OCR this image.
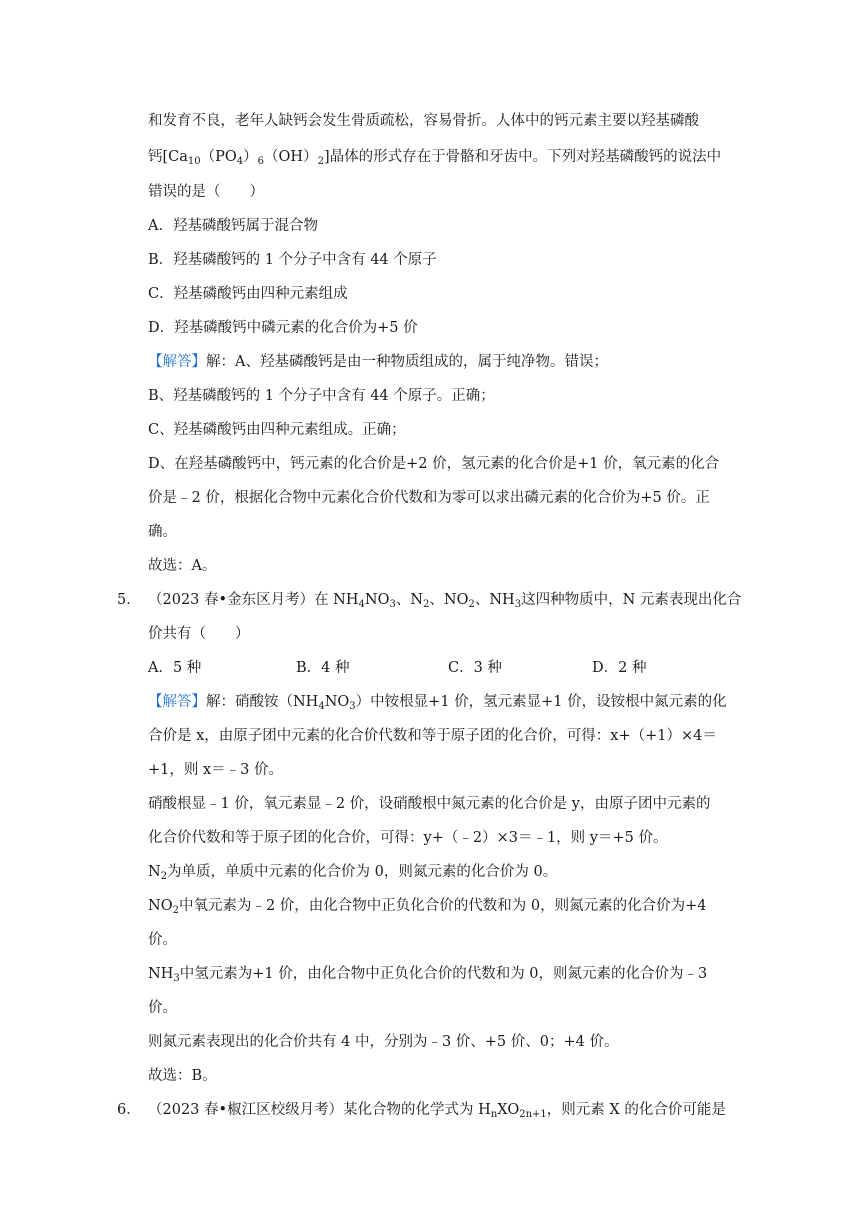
和发育不良，老年人缺钙会发生骨质疏松，容易骨折。人体中的钙元素主要以羟基磷酸
钙$[Ca_{10}(PO_4)_6(OH)_2]$晶体的形式存在于骨骼和牙齿中。下列对羟基磷酸钙的说法中
错误的是（　　）
A．羟基磷酸钙属于混合物
B．羟基磷酸钙的 1 个分子中含有 44 个原子
C．羟基磷酸钙由四种元素组成
D．羟基磷酸钙中磷元素的化合价为+5 价
【解答】解：A、羟基磷酸钙是由一种物质组成的，属于纯净物。错误；
B、羟基磷酸钙的 1 个分子中含有 44 个原子。正确；
C、羟基磷酸钙由四种元素组成。正确；
D、在羟基磷酸钙中，钙元素的化合价是+2 价，氢元素的化合价是+1 价，氧元素的化合
价是﹣2 价，根据化合物中元素化合价代数和为零可以求出磷元素的化合价为+5 价。正
确。
故选：A。
5． （2023 春•金东区月考）在 $NH_4NO_3$、$N_2$、$NO_2$、$NH_3$这四种物质中，N 元素表现出化合
价共有（　　）
A．5 种	B．4 种	C．3 种	D．2 种
【解答】解：硝酸铵$(NH_4NO_3)$中铵根显+1 价，氢元素显+1 价，设铵根中氮元素的化
合价是 x，由原子团中元素的化合价代数和等于原子团的化合价，可得：x+（+1）×4＝
+1，则 x＝﹣3 价。
硝酸根显﹣1 价，氧元素显﹣2 价，设硝酸根中氮元素的化合价是 y，由原子团中元素的
化合价代数和等于原子团的化合价，可得：y+（﹣2）×3＝﹣1，则 y＝+5 价。
$N_2$为单质，单质中元素的化合价为 0，则氮元素的化合价为 0。
$NO_2$中氧元素为﹣2 价，由化合物中正负化合价的代数和为 0，则氮元素的化合价为+4
价。
$NH_3$中氢元素为+1 价，由化合物中正负化合价的代数和为 0，则氮元素的化合价为﹣3
价。
则氮元素表现出的化合价共有 4 中，分别为﹣3 价、+5 价、0；+4 价。
故选：B。
6． （2023 春•椒江区校级月考）某化合物的化学式为 $H_nXO_{2n+1}$，则元素 X 的化合价可能是
